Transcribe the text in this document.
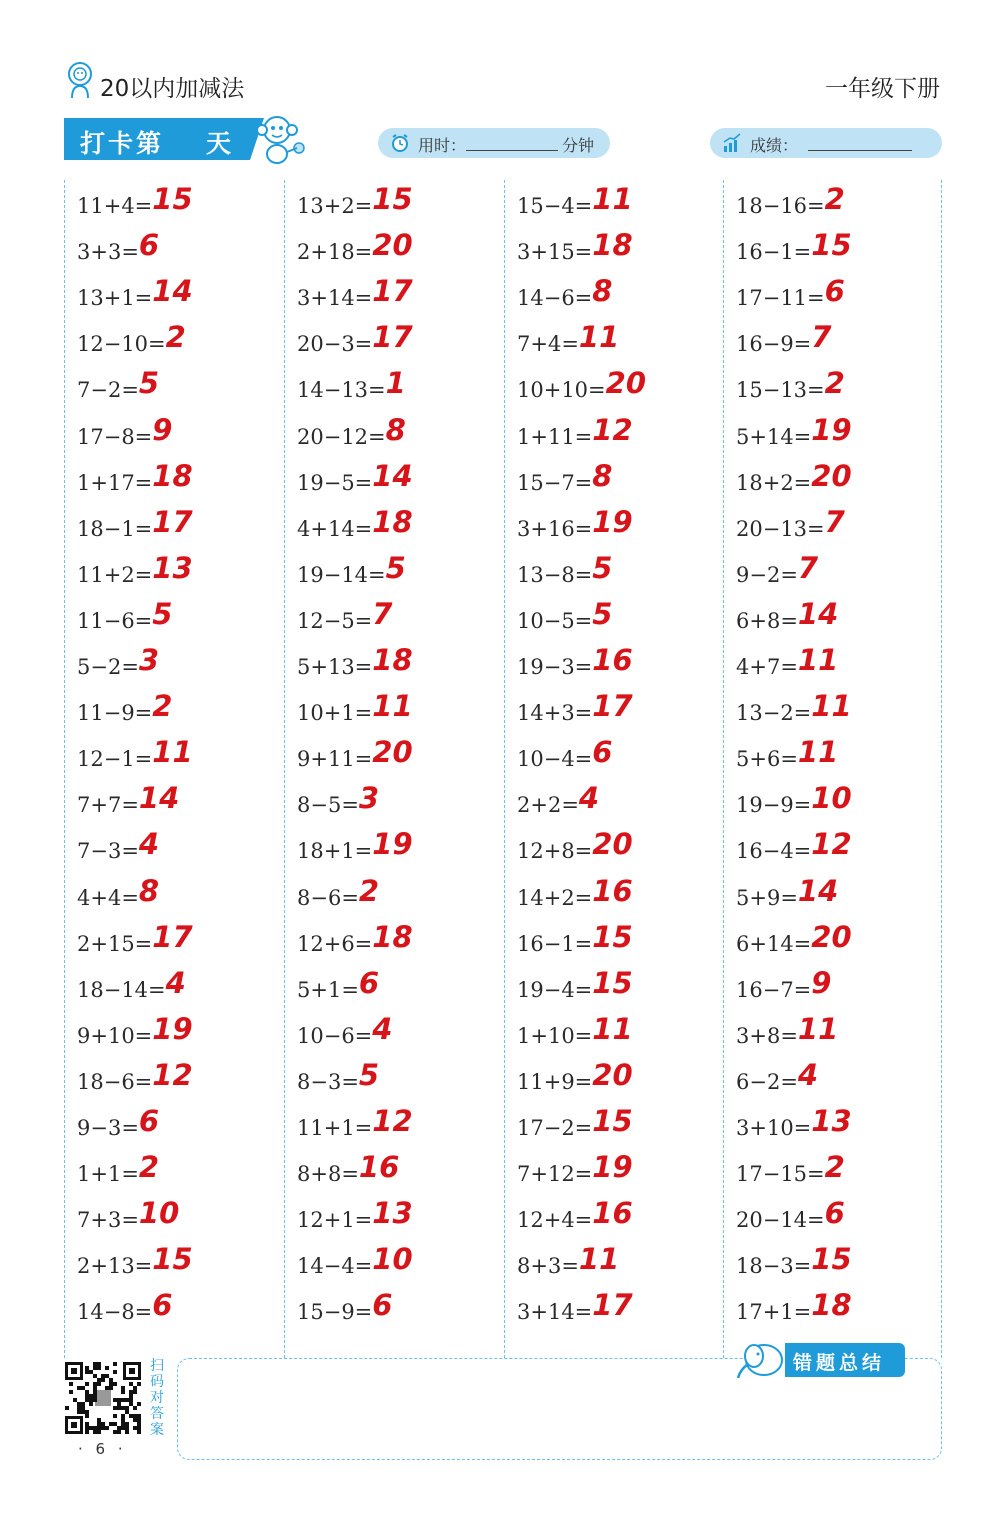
20以内加减法	一年级下册
打卡第 天	用时：	分钟	成绩：
11+4=15
3+3=6
13+1=14
12−10=2
7−2=5
17−8=9
1+17=18
18−1=17
11+2=13
11−6=5
5−2=3
11−9=2
12−1=11
7+7=14
7−3=4
4+4=8
2+15=17
18−14=4
9+10=19
18−6=12
9−3=6
1+1=2
7+3=10
2+13=15
14−8=6
13+2=15
2+18=20
3+14=17
20−3=17
14−13=1
20−12=8
19−5=14
4+14=18
19−14=5
12−5=7
5+13=18
10+1=11
9+11=20
8−5=3
18+1=19
8−6=2
12+6=18
5+1=6
10−6=4
8−3=5
11+1=12
8+8=16
12+1=13
14−4=10
15−9=6
15−4=11
3+15=18
14−6=8
7+4=11
10+10=20
1+11=12
15−7=8
3+16=19
13−8=5
10−5=5
19−3=16
14+3=17
10−4=6
2+2=4
12+8=20
14+2=16
16−1=15
19−4=15
1+10=11
11+9=20
17−2=15
7+12=19
12+4=16
8+3=11
3+14=17
18−16=2
16−1=15
17−11=6
16−9=7
15−13=2
5+14=19
18+2=20
20−13=7
9−2=7
6+8=14
4+7=11
13−2=11
5+6=11
19−9=10
16−4=12
5+9=14
6+14=20
16−7=9
3+8=11
6−2=4
3+10=13
17−15=2
20−14=6
18−3=15
17+1=18
扫码对答案
· 6 ·
错题总结
